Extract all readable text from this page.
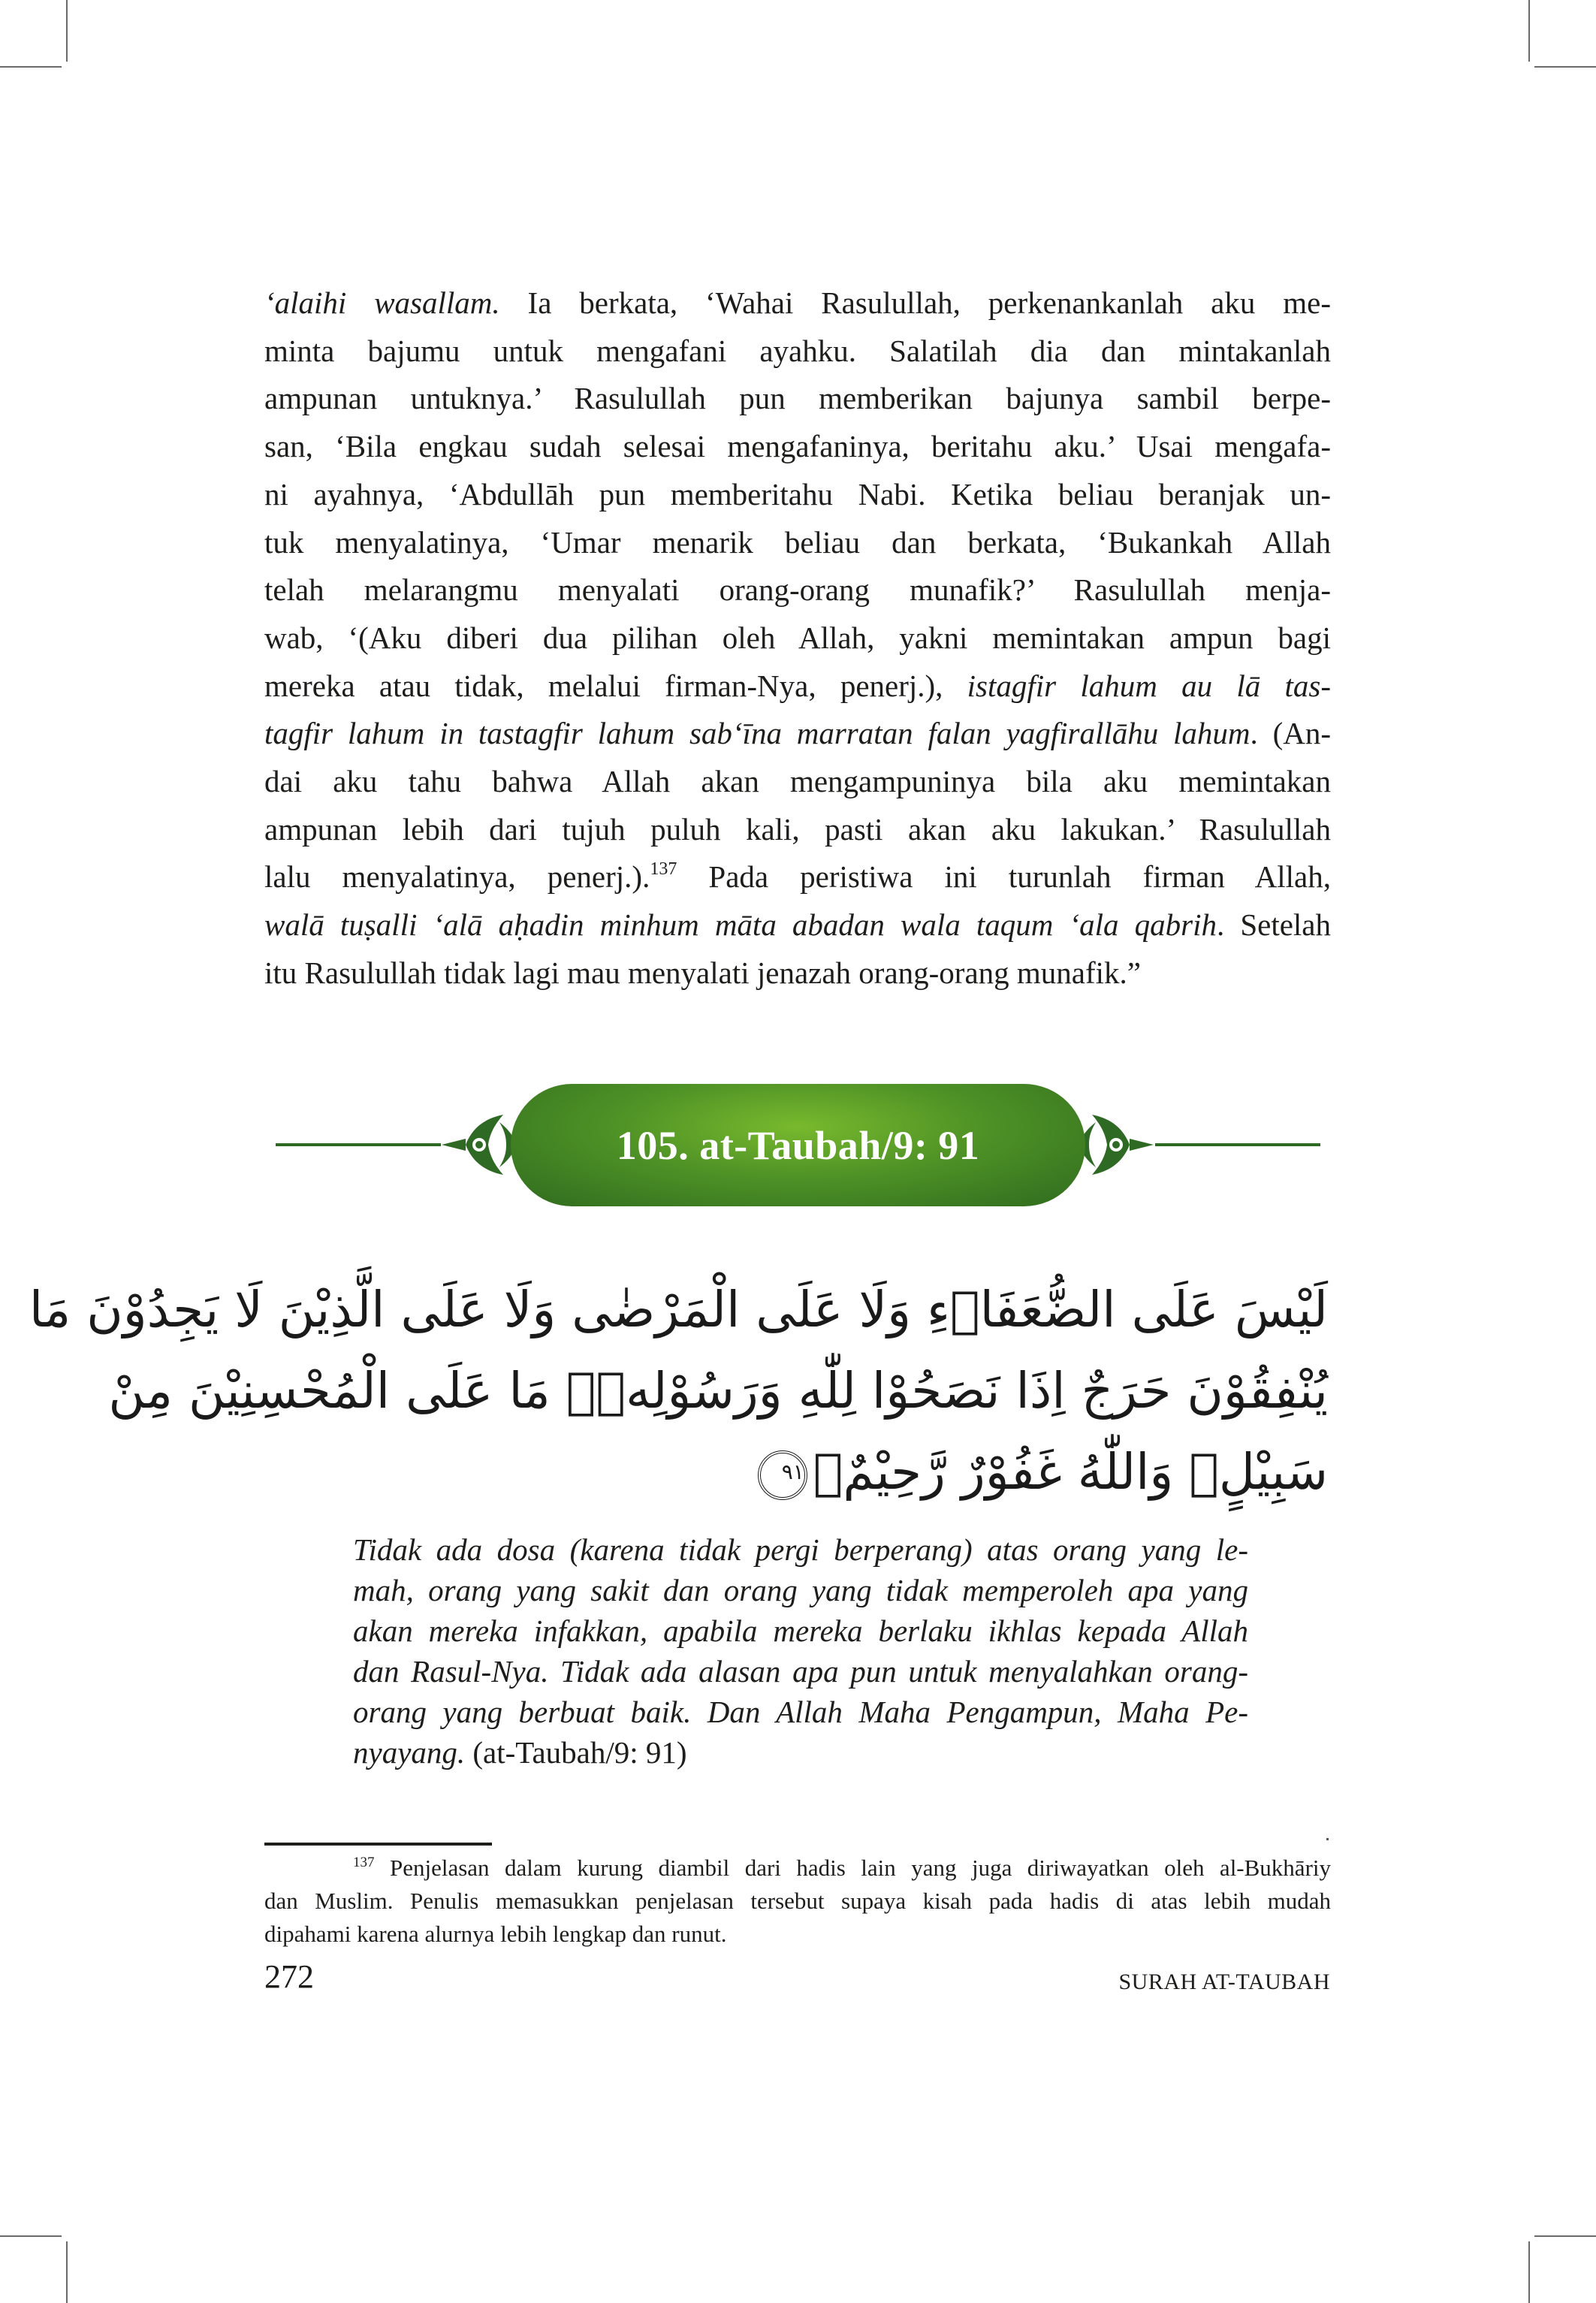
‘alaihi wasallam. Ia berkata, ‘Wahai Rasulullah, perkenankanlah aku me-
minta bajumu untuk mengafani ayahku. Salatilah dia dan mintakanlah
ampunan untuknya.’ Rasulullah pun memberikan bajunya sambil berpe-
san, ‘Bila engkau sudah selesai mengafaninya, beritahu aku.’ Usai mengafa-
ni ayahnya, ‘Abdullāh pun memberitahu Nabi. Ketika beliau beranjak un-
tuk menyalatinya, ‘Umar menarik beliau dan berkata, ‘Bukankah Allah
telah melarangmu menyalati orang-orang munafik?’ Rasulullah menja-
wab, ‘(Aku diberi dua pilihan oleh Allah, yakni memintakan ampun bagi
mereka atau tidak, melalui firman-Nya, penerj.), istagfir lahum au lā tas-
tagfir lahum in tastagfir lahum sab‘īna marratan falan yagfirallāhu lahum. (An-
dai aku tahu bahwa Allah akan mengampuninya bila aku memintakan
ampunan lebih dari tujuh puluh kali, pasti akan aku lakukan.’ Rasulullah
lalu menyalatinya, penerj.).$^{137}$ Pada peristiwa ini turunlah firman Allah,
walā tuṣalli ‘alā aḥadin minhum māta abadan wala taqum ‘ala qabrih. Setelah
itu Rasulullah tidak lagi mau menyalati jenazah orang-orang munafik.”
105. at-Taubah/9: 91
لَيْسَ عَلَى الضُّعَفَاۤءِ وَلَا عَلَى الْمَرْضٰى وَلَا عَلَى الَّذِيْنَ لَا يَجِدُوْنَ مَا
يُنْفِقُوْنَ حَرَجٌ اِذَا نَصَحُوْا لِلّٰهِ وَرَسُوْلِهٖۗ مَا عَلَى الْمُحْسِنِيْنَ مِنْ
سَبِيْلٍۗ وَاللّٰهُ غَفُوْرٌ رَّحِيْمٌۙ٩١
Tidak ada dosa (karena tidak pergi berperang) atas orang yang le-
mah, orang yang sakit dan orang yang tidak memperoleh apa yang
akan mereka infakkan, apabila mereka berlaku ikhlas kepada Allah
dan Rasul-Nya. Tidak ada alasan apa pun untuk menyalahkan orang-
orang yang berbuat baik. Dan Allah Maha Pengampun, Maha Pe-
nyayang. (at-Taubah/9: 91)
$^{137}$ Penjelasan dalam kurung diambil dari hadis lain yang juga diriwayatkan oleh al-Bukhāriy
dan Muslim. Penulis memasukkan penjelasan tersebut supaya kisah pada hadis di atas lebih mudah
dipahami karena alurnya lebih lengkap dan runut.
272	SURAH AT-TAUBAH
